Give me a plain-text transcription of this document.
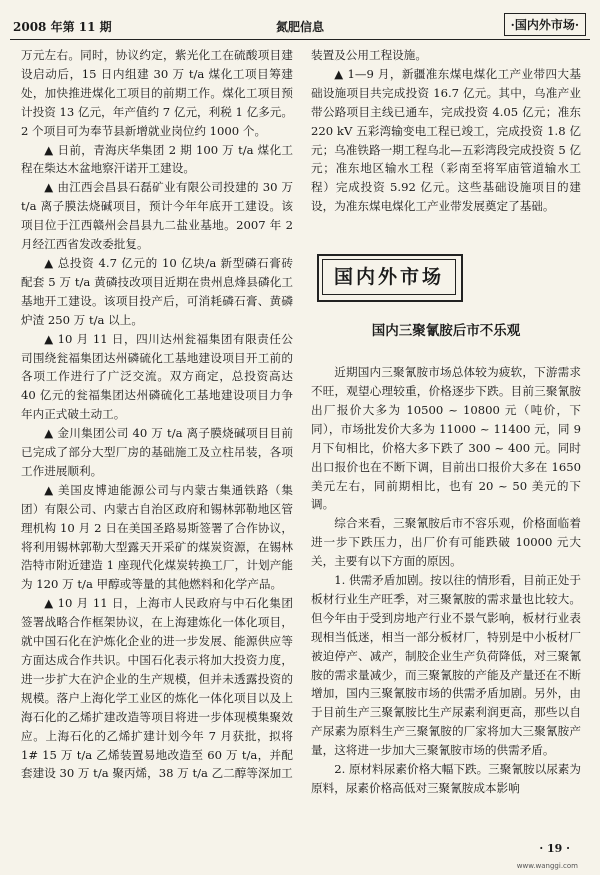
2008 年第 11 期	氮肥信息	·国内外市场·

万元左右。同时，协议约定，紫光化工在硫酸项目建设启动后，15 日内组建 30 万 t/a 煤化工项目筹建处，加快推进煤化工项目的前期工作。煤化工项目预计投资 13 亿元，年产值约 7 亿元，利税 1 亿多元。2 个项目可为奉节县新增就业岗位约 1000 个。

▲ 日前，青海庆华集团 2 期 100 万 t/a 煤化工程在柴达木盆地察汗诺开工建设。

▲ 由江西会昌县石磊矿业有限公司投建的 30 万 t/a 离子膜法烧碱项目，预计今年年底开工建设。该项目位于江西赣州会昌县九二盐业基地。2007 年 2 月经江西省发改委批复。

▲ 总投资 4.7 亿元的 10 亿块/a 新型磷石膏砖配套 5 万 t/a 黄磷技改项目近期在贵州息烽县磷化工基地开工建设。该项目投产后，可消耗磷石膏、黄磷炉渣 250 万 t/a 以上。

▲ 10 月 11 日，四川达州瓮福集团有限责任公司围绕瓮福集团达州磷硫化工基地建设项目开工前的各项工作进行了广泛交流。双方商定，总投资高达 40 亿元的瓮福集团达州磷硫化工基地建设项目力争年内正式破土动工。

▲ 金川集团公司 40 万 t/a 离子膜烧碱项目目前已完成了部分大型厂房的基础施工及立柱吊装，各项工作进展顺利。

▲ 美国皮博迪能源公司与内蒙古集通铁路（集团）有限公司、内蒙古自治区政府和锡林郭勒地区管理机构 10 月 2 日在美国圣路易斯签署了合作协议，将利用锡林郭勒大型露天开采矿的煤炭资源，在锡林浩特市附近建造 1 座现代化煤炭转换工厂，计划产能为 120 万 t/a 甲醇或等量的其他燃料和化学产品。

▲ 10 月 11 日，上海市人民政府与中石化集团签署战略合作框架协议，在上海建炼化一体化项目，就中国石化在沪炼化企业的进一步发展、能源供应等方面达成合作共识。中国石化表示将加大投资力度，进一步扩大在沪企业的生产规模，但并未透露投资的规模。落户上海化学工业区的炼化一体化项目以及上海石化的乙烯扩建改造等项目将进一步体现模集聚效应。上海石化的乙烯扩建计划今年 7 月获批，拟将 1# 15 万 t/a 乙烯装置易地改造至 60 万 t/a，并配套建设 30 万 t/a 聚丙烯，38 万 t/a 乙二醇等深加工

装置及公用工程设施。

▲ 1—9 月，新疆准东煤电煤化工产业带四大基础设施项目共完成投资 16.7 亿元。其中，乌准产业带公路项目主线已通车，完成投资 4.05 亿元；准东 220 kV 五彩湾输变电工程已竣工，完成投资 1.8 亿元；乌准铁路一期工程乌北—五彩湾段完成投资 5 亿元；准东地区输水工程（彩南至将军庙管道输水工程）完成投资 5.92 亿元。这些基础设施项目的建设，为准东煤电煤化工产业带发展奠定了基础。

国内外市场
国内三聚氰胺后市不乐观

近期国内三聚氰胺市场总体较为疲软，下游需求不旺，观望心理较重，价格逐步下跌。目前三聚氰胺出厂报价大多为 10500 ~ 10800 元（吨价，下同），市场批发价大多为 11000 ~ 11400 元，同 9 月下旬相比，价格大多下跌了 300 ~ 400 元。同时出口报价也在不断下调，目前出口报价大多在 1650 美元左右，同前期相比，也有 20 ~ 50 美元的下调。

综合来看，三聚氰胺后市不容乐观，价格面临着进一步下跌压力，出厂价有可能跌破 10000 元大关，主要有以下方面的原因。

1. 供需矛盾加剧。按以往的情形看，目前正处于板材行业生产旺季，对三聚氰胺的需求量也比较大。但今年由于受到房地产行业不景气影响，板材行业表现相当低迷，相当一部分板材厂，特别是中小板材厂被迫停产、减产，制胶企业生产负荷降低，对三聚氰胺的需求量减少，而三聚氰胺的产能及产量还在不断增加，国内三聚氰胺市场的供需矛盾加剧。另外，由于目前生产三聚氰胺比生产尿素利润更高，那些以自产尿素为原料生产三聚氰胺的厂家将加大三聚氰胺产量，这将进一步加大三聚氰胺市场的供需矛盾。

2. 原材料尿素价格大幅下跌。三聚氰胺以尿素为原料，尿素价格高低对三聚氰胺成本影响

· 19 ·
www.wanggi.com
